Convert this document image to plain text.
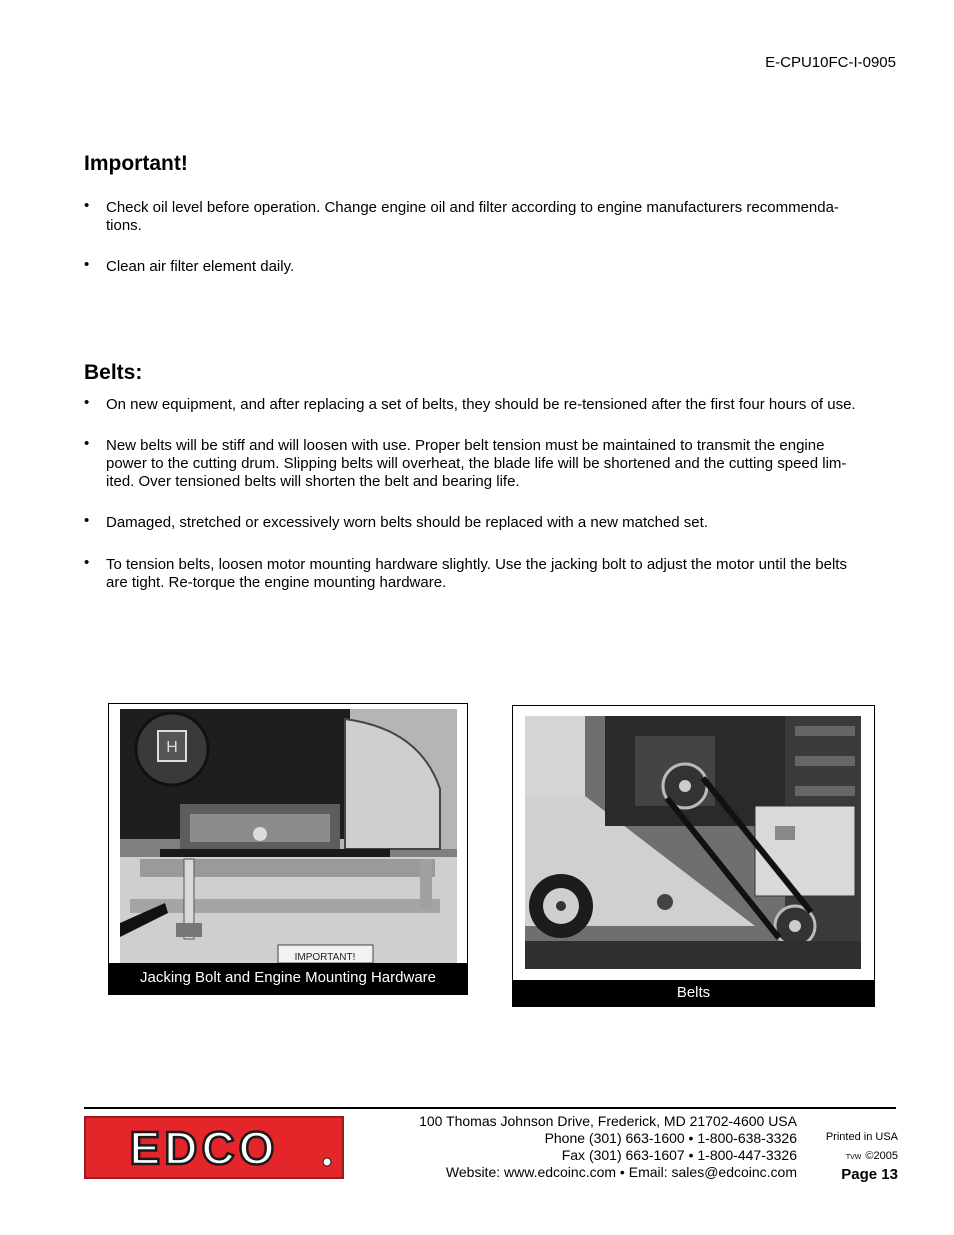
E-CPU10FC-I-0905
Important!
• Check oil level before operation. Change engine oil and filter according to engine manufacturers recommenda-
tions.
• Clean air filter element daily.
Belts:
• On new equipment, and after replacing a set of belts, they should be re-tensioned after the first four hours of use.
• New belts will be stiff and will loosen with use. Proper belt tension must be maintained to transmit the engine
power to the cutting drum. Slipping belts will overheat, the blade life will be shortened and the cutting speed lim-
ited. Over tensioned belts will shorten the belt and bearing life.
• Damaged, stretched or excessively worn belts should be replaced with a new matched set.
• To tension belts, loosen motor mounting hardware slightly. Use the jacking bolt to adjust the motor until the belts
are tight. Re-torque the engine mounting hardware.
H
IMPORTANT!
Jacking Bolt and Engine Mounting Hardware
Belts
EDCO
100 Thomas Johnson Drive, Frederick, MD 21702-4600 USA
Phone (301) 663-1600 • 1-800-638-3326
Fax (301) 663-1607 • 1-800-447-3326
Website: www.edcoinc.com • Email: sales@edcoinc.com
Printed in USA
TVW ©2005
Page 13
